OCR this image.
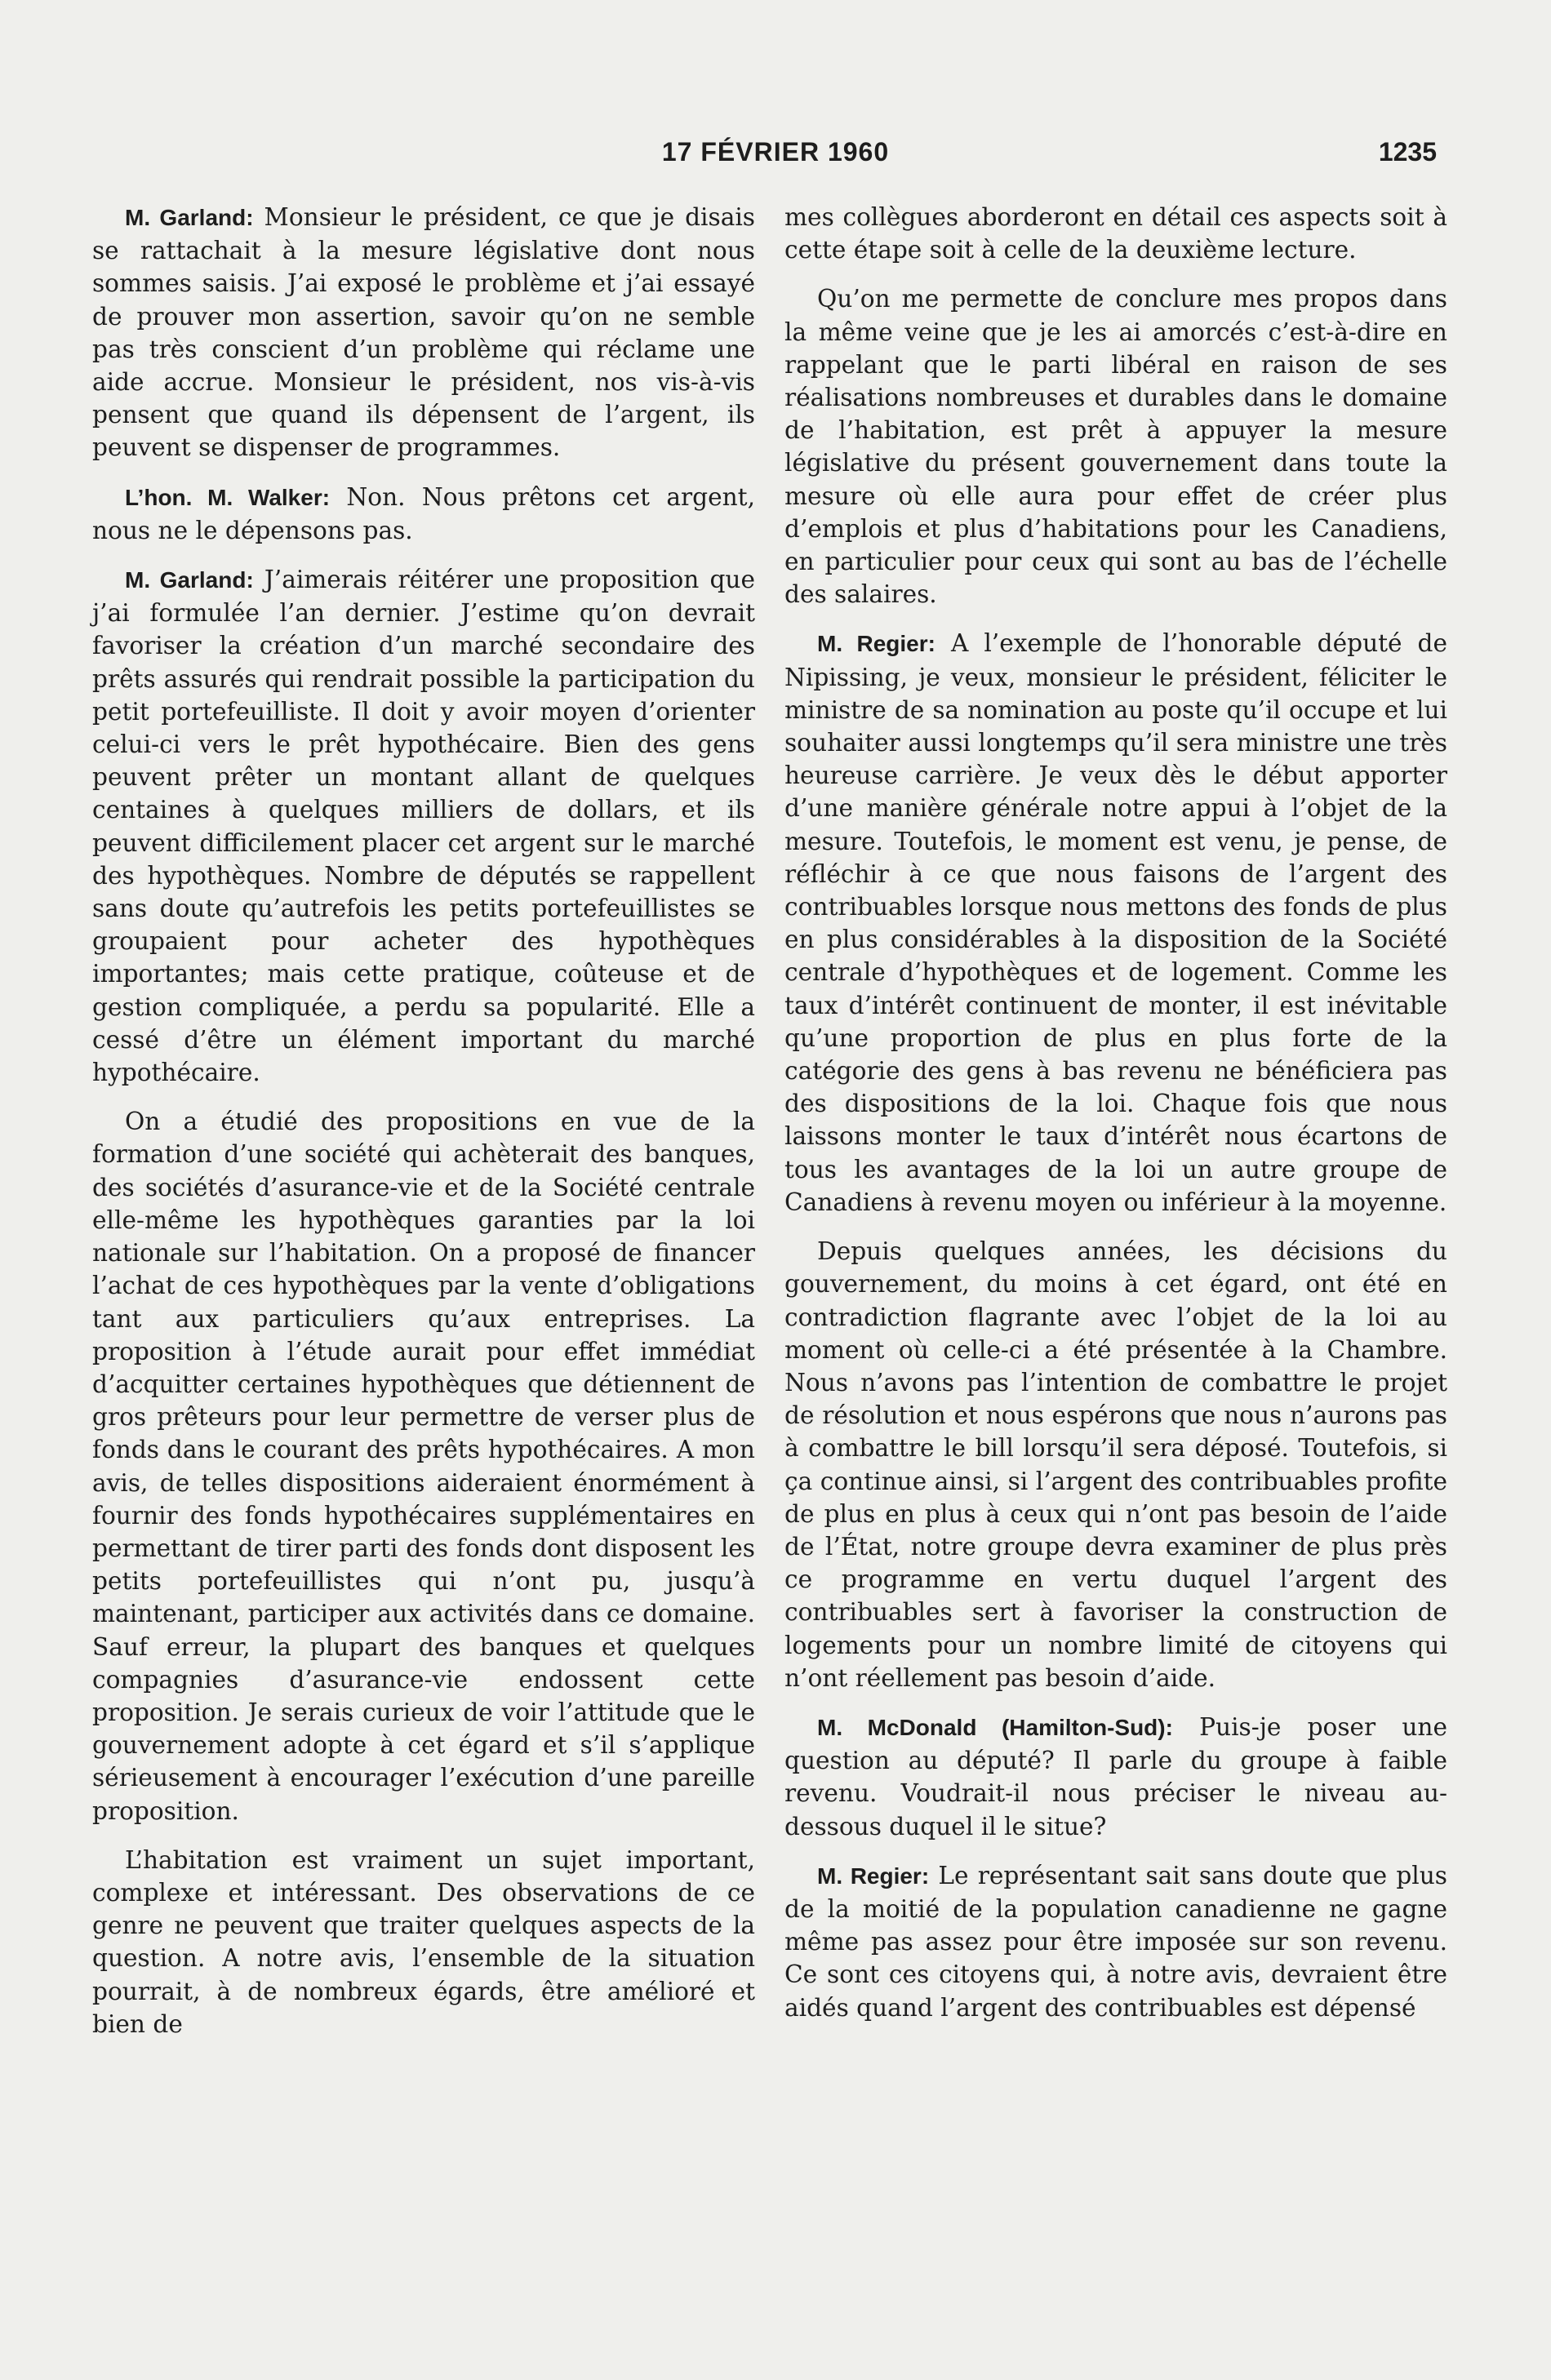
17 FÉVRIER 1960	1235

M. Garland: Monsieur le président, ce que je disais se rattachait à la mesure législative dont nous sommes saisis. J’ai exposé le problème et j’ai essayé de prouver mon assertion, savoir qu’on ne semble pas très conscient d’un problème qui réclame une aide accrue. Monsieur le président, nos vis-à-vis pensent que quand ils dépensent de l’argent, ils peuvent se dispenser de programmes.

L’hon. M. Walker: Non. Nous prêtons cet argent, nous ne le dépensons pas.

M. Garland: J’aimerais réitérer une proposition que j’ai formulée l’an dernier. J’estime qu’on devrait favoriser la création d’un marché secondaire des prêts assurés qui rendrait possible la participation du petit portefeuilliste. Il doit y avoir moyen d’orienter celui-ci vers le prêt hypothécaire. Bien des gens peuvent prêter un montant allant de quelques centaines à quelques milliers de dollars, et ils peuvent difficilement placer cet argent sur le marché des hypothèques. Nombre de députés se rappellent sans doute qu’autrefois les petits portefeuillistes se groupaient pour acheter des hypothèques importantes; mais cette pratique, coûteuse et de gestion compliquée, a perdu sa popularité. Elle a cessé d’être un élément important du marché hypothécaire.

On a étudié des propositions en vue de la formation d’une société qui achèterait des banques, des sociétés d’asurance-vie et de la Société centrale elle-même les hypothèques garanties par la loi nationale sur l’habitation. On a proposé de financer l’achat de ces hypothèques par la vente d’obligations tant aux particuliers qu’aux entreprises. La proposition à l’étude aurait pour effet immédiat d’acquitter certaines hypothèques que détiennent de gros prêteurs pour leur permettre de verser plus de fonds dans le courant des prêts hypothécaires. A mon avis, de telles dispositions aideraient énormément à fournir des fonds hypothécaires supplémentaires en permettant de tirer parti des fonds dont disposent les petits portefeuillistes qui n’ont pu, jusqu’à maintenant, participer aux activités dans ce domaine. Sauf erreur, la plupart des banques et quelques compagnies d’asurance-vie endossent cette proposition. Je serais curieux de voir l’attitude que le gouvernement adopte à cet égard et s’il s’applique sérieusement à encourager l’exécution d’une pareille proposition.

L’habitation est vraiment un sujet important, complexe et intéressant. Des observations de ce genre ne peuvent que traiter quelques aspects de la question. A notre avis, l’ensemble de la situation pourrait, à de nombreux égards, être amélioré et bien de

mes collègues aborderont en détail ces aspects soit à cette étape soit à celle de la deuxième lecture.

Qu’on me permette de conclure mes propos dans la même veine que je les ai amorcés c’est-à-dire en rappelant que le parti libéral en raison de ses réalisations nombreuses et durables dans le domaine de l’habitation, est prêt à appuyer la mesure législative du présent gouvernement dans toute la mesure où elle aura pour effet de créer plus d’emplois et plus d’habitations pour les Canadiens, en particulier pour ceux qui sont au bas de l’échelle des salaires.

M. Regier: A l’exemple de l’honorable député de Nipissing, je veux, monsieur le président, féliciter le ministre de sa nomination au poste qu’il occupe et lui souhaiter aussi longtemps qu’il sera ministre une très heureuse carrière. Je veux dès le début apporter d’une manière générale notre appui à l’objet de la mesure. Toutefois, le moment est venu, je pense, de réfléchir à ce que nous faisons de l’argent des contribuables lorsque nous mettons des fonds de plus en plus considérables à la disposition de la Société centrale d’hypothèques et de logement. Comme les taux d’intérêt continuent de monter, il est inévitable qu’une proportion de plus en plus forte de la catégorie des gens à bas revenu ne bénéficiera pas des dispositions de la loi. Chaque fois que nous laissons monter le taux d’intérêt nous écartons de tous les avantages de la loi un autre groupe de Canadiens à revenu moyen ou inférieur à la moyenne.

Depuis quelques années, les décisions du gouvernement, du moins à cet égard, ont été en contradiction flagrante avec l’objet de la loi au moment où celle-ci a été présentée à la Chambre. Nous n’avons pas l’intention de combattre le projet de résolution et nous espérons que nous n’aurons pas à combattre le bill lorsqu’il sera déposé. Toutefois, si ça continue ainsi, si l’argent des contribuables profite de plus en plus à ceux qui n’ont pas besoin de l’aide de l’État, notre groupe devra examiner de plus près ce programme en vertu duquel l’argent des contribuables sert à favoriser la construction de logements pour un nombre limité de citoyens qui n’ont réellement pas besoin d’aide.

M. McDonald (Hamilton-Sud): Puis-je poser une question au député? Il parle du groupe à faible revenu. Voudrait-il nous préciser le niveau au-dessous duquel il le situe?

M. Regier: Le représentant sait sans doute que plus de la moitié de la population canadienne ne gagne même pas assez pour être imposée sur son revenu. Ce sont ces citoyens qui, à notre avis, devraient être aidés quand l’argent des contribuables est dépensé
